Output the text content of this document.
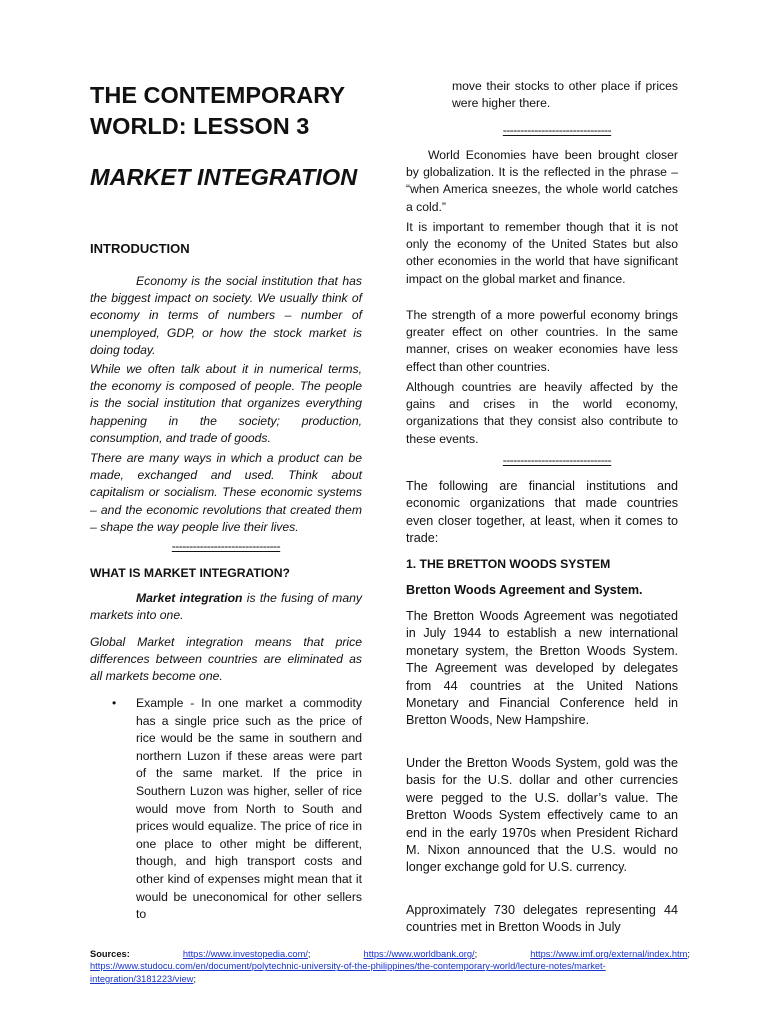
THE CONTEMPORARY WORLD: LESSON 3
MARKET INTEGRATION
INTRODUCTION

Economy is the social institution that has the biggest impact on society. We usually think of economy in terms of numbers – number of unemployed, GDP, or how the stock market is doing today.

While we often talk about it in numerical terms, the economy is composed of people. The people is the social institution that organizes everything happening in the society; production, consumption, and trade of goods.

There are many ways in which a product can be made, exchanged and used. Think about capitalism or socialism. These economic systems – and the economic revolutions that created them – shape the way people live their lives.

-------------------------------

WHAT IS MARKET INTEGRATION?

Market integration is the fusing of many markets into one.

Global Market integration means that price differences between countries are eliminated as all markets become one.

• Example - In one market a commodity has a single price such as the price of rice would be the same in southern and northern Luzon if these areas were part of the same market. If the price in Southern Luzon was higher, seller of rice would move from North to South and prices would equalize. The price of rice in one place to other might be different, though, and high transport costs and other kind of expenses might mean that it would be uneconomical for other sellers to

move their stocks to other place if prices were higher there.

-------------------------------

World Economies have been brought closer by globalization. It is the reflected in the phrase – “when America sneezes, the whole world catches a cold.”

It is important to remember though that it is not only the economy of the United States but also other economies in the world that have significant impact on the global market and finance.

The strength of a more powerful economy brings greater effect on other countries. In the same manner, crises on weaker economies have less effect than other countries.

Although countries are heavily affected by the gains and crises in the world economy, organizations that they consist also contribute to these events.

-------------------------------

The following are financial institutions and economic organizations that made countries even closer together, at least, when it comes to trade:

1. THE BRETTON WOODS SYSTEM

Bretton Woods Agreement and System.

The Bretton Woods Agreement was negotiated in July 1944 to establish a new international monetary system, the Bretton Woods System. The Agreement was developed by delegates from 44 countries at the United Nations Monetary and Financial Conference held in Bretton Woods, New Hampshire.

Under the Bretton Woods System, gold was the basis for the U.S. dollar and other currencies were pegged to the U.S. dollar’s value. The Bretton Woods System effectively came to an end in the early 1970s when President Richard M. Nixon announced that the U.S. would no longer exchange gold for U.S. currency.

Approximately 730 delegates representing 44 countries met in Bretton Woods in July

Sources:	https://www.investopedia.com/;	https://www.worldbank.org/;	https://www.imf.org/external/index.htm; https://www.studocu.com/en/document/polytechnic-university-of-the-philippines/the-contemporary-world/lecture-notes/market-integration/3181223/view;
